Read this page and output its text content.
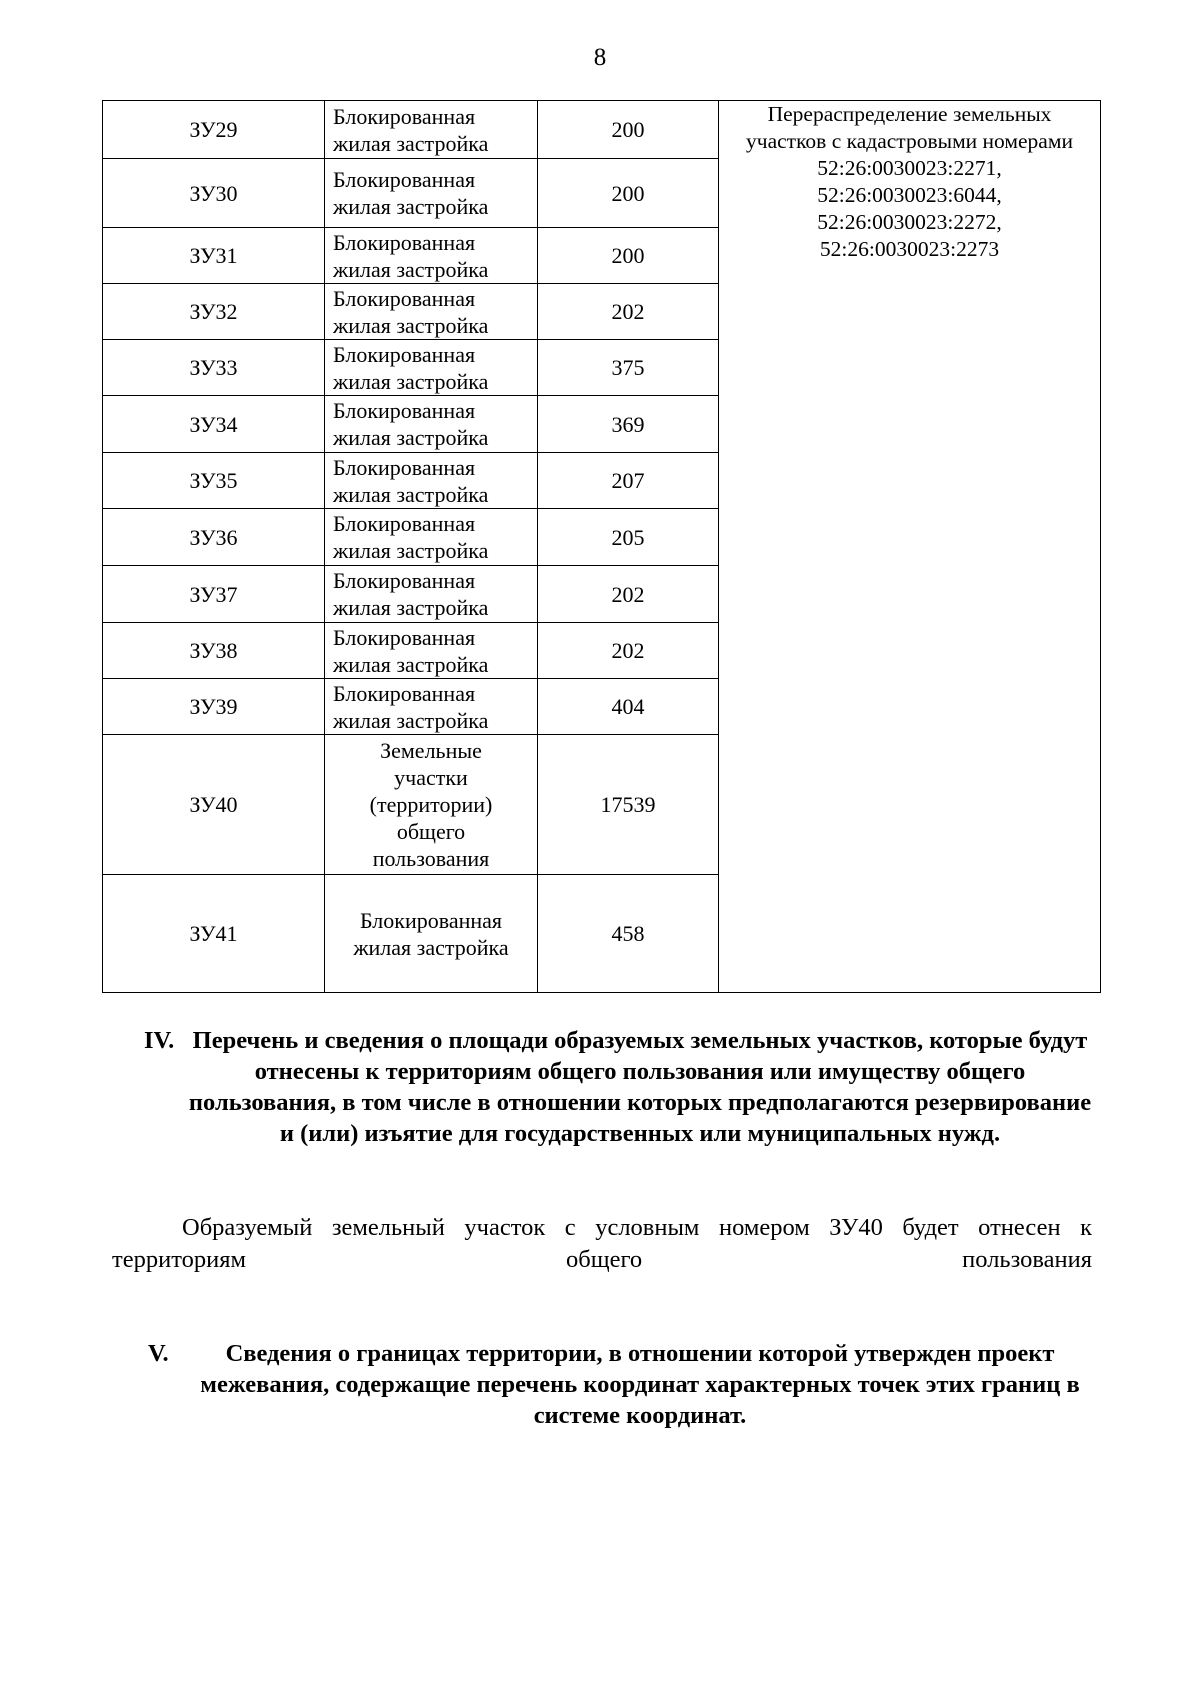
8
ЗУ29	Блокированная жилая застройка	200	Перераспределение земельных участков с кадастровыми номерами 52:26:0030023:2271, 52:26:0030023:6044, 52:26:0030023:2272, 52:26:0030023:2273
ЗУ30	Блокированная жилая застройка	200	
ЗУ31	Блокированная жилая застройка	200	
ЗУ32	Блокированная жилая застройка	202	
ЗУ33	Блокированная жилая застройка	375	
ЗУ34	Блокированная жилая застройка	369	
ЗУ35	Блокированная жилая застройка	207	
ЗУ36	Блокированная жилая застройка	205	
ЗУ37	Блокированная жилая застройка	202	
ЗУ38	Блокированная жилая застройка	202	
ЗУ39	Блокированная жилая застройка	404	
ЗУ40	Земельные участки (территории) общего пользования	17539	
ЗУ41	Блокированная жилая застройка	458	
IV. Перечень и сведения о площади образуемых земельных участков, которые будут отнесены к территориям общего пользования или имуществу общего пользования, в том числе в отношении которых предполагаются резервирование и (или) изъятие для государственных или муниципальных нужд.
Образуемый земельный участок с условным номером ЗУ40 будет отнесен к территориям общего пользования
V.	Сведения о границах территории, в отношении которой утвержден проект межевания, содержащие перечень координат характерных точек этих границ в системе координат.
